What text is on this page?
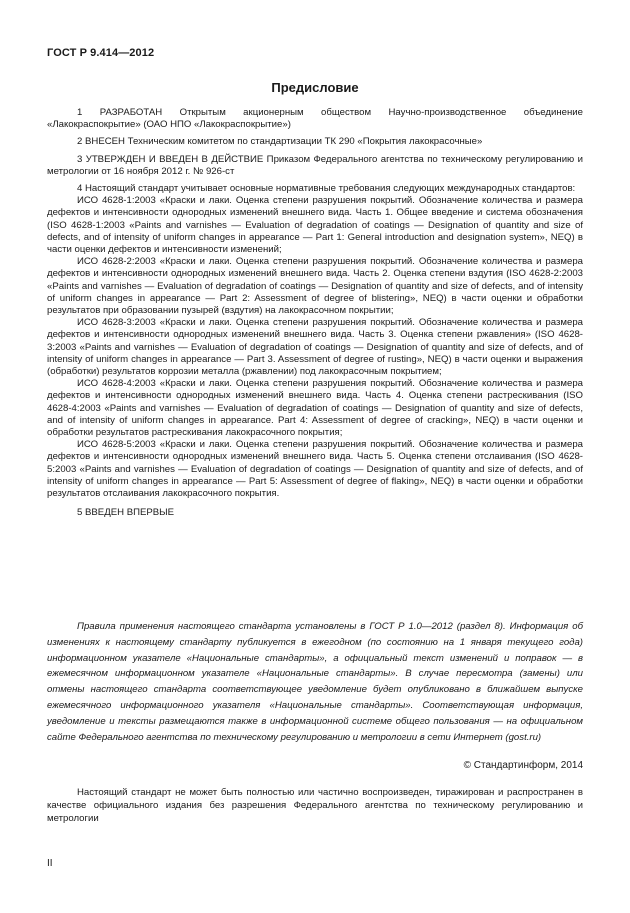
ГОСТ Р 9.414—2012
Предисловие

1 РАЗРАБОТАН Открытым акционерным обществом Научно-производственное объединение «Лакокраспокрытие» (ОАО НПО «Лакокраспокрытие»)

2 ВНЕСЕН Техническим комитетом по стандартизации ТК 290 «Покрытия лакокрасочные»

3 УТВЕРЖДЕН И ВВЕДЕН В ДЕЙСТВИЕ Приказом Федерального агентства по техническому регулированию и метрологии от 16 ноября 2012 г. № 926-ст

4 Настоящий стандарт учитывает основные нормативные требования следующих международных стандартов:

ИСО 4628-1:2003 «Краски и лаки. Оценка степени разрушения покрытий. Обозначение количества и размера дефектов и интенсивности однородных изменений внешнего вида. Часть 1. Общее введение и система обозначения (ISO 4628-1:2003 «Paints and varnishes — Evaluation of degradation of coatings — Designation of quantity and size of defects, and of intensity of uniform changes in appearance — Part 1: General introduction and designation system», NEQ) в части оценки дефектов и интенсивности изменений;

ИСО 4628-2:2003 «Краски и лаки. Оценка степени разрушения покрытий. Обозначение количества и размера дефектов и интенсивности однородных изменений внешнего вида. Часть 2. Оценка степени вздутия (ISO 4628-2:2003 «Paints and varnishes — Evaluation of degradation of coatings — Designation of quantity and size of defects, and of intensity of uniform changes in appearance — Part 2: Assessment of degree of blistering», NEQ) в части оценки и обработки результатов при образовании пузырей (вздутия) на лакокрасочном покрытии;

ИСО 4628-3:2003 «Краски и лаки. Оценка степени разрушения покрытий. Обозначение количества и размера дефектов и интенсивности однородных изменений внешнего вида. Часть 3. Оценка степени ржавления» (ISO 4628-3:2003 «Paints and varnishes — Evaluation of degradation of coatings — Designation of quantity and size of defects, and of intensity of uniform changes in appearance — Part 3. Assessment of degree of rusting», NEQ) в части оценки и выражения (обработки) результатов коррозии металла (ржавлении) под лакокрасочным покрытием;

ИСО 4628-4:2003 «Краски и лаки. Оценка степени разрушения покрытий. Обозначение количества и размера дефектов и интенсивности однородных изменений внешнего вида. Часть 4. Оценка степени растрескивания (ISO 4628-4:2003 «Paints and varnishes — Evaluation of degradation of coatings — Designation of quantity and size of defects, and of intensity of uniform changes in appearance. Part 4: Assessment of degree of cracking», NEQ) в части оценки и обработки результатов растрескивания лакокрасочного покрытия;

ИСО 4628-5:2003 «Краски и лаки. Оценка степени разрушения покрытий. Обозначение количества и размера дефектов и интенсивности однородных изменений внешнего вида. Часть 5. Оценка степени отслаивания (ISO 4628-5:2003 «Paints and varnishes — Evaluation of degradation of coatings — Designation of quantity and size of defects, and of intensity of uniform changes in appearance — Part 5: Assessment of degree of flaking», NEQ) в части оценки и обработки результатов отслаивания лакокрасочного покрытия.

5 ВВЕДЕН ВПЕРВЫЕ

Правила применения настоящего стандарта установлены в ГОСТ Р 1.0—2012 (раздел 8). Информация об изменениях к настоящему стандарту публикуется в ежегодном (по состоянию на 1 января текущего года) информационном указателе «Национальные стандарты», а официальный текст изменений и поправок — в ежемесячном информационном указателе «Национальные стандарты». В случае пересмотра (замены) или отмены настоящего стандарта соответствующее уведомление будет опубликовано в ближайшем выпуске ежемесячного информационного указателя «Национальные стандарты». Соответствующая информация, уведомление и тексты размещаются также в информационной системе общего пользования — на официальном сайте Федерального агентства по техническому регулированию и метрологии в сети Интернет (gost.ru)

© Стандартинформ, 2014

Настоящий стандарт не может быть полностью или частично воспроизведен, тиражирован и распространен в качестве официального издания без разрешения Федерального агентства по техническому регулированию и метрологии

II
